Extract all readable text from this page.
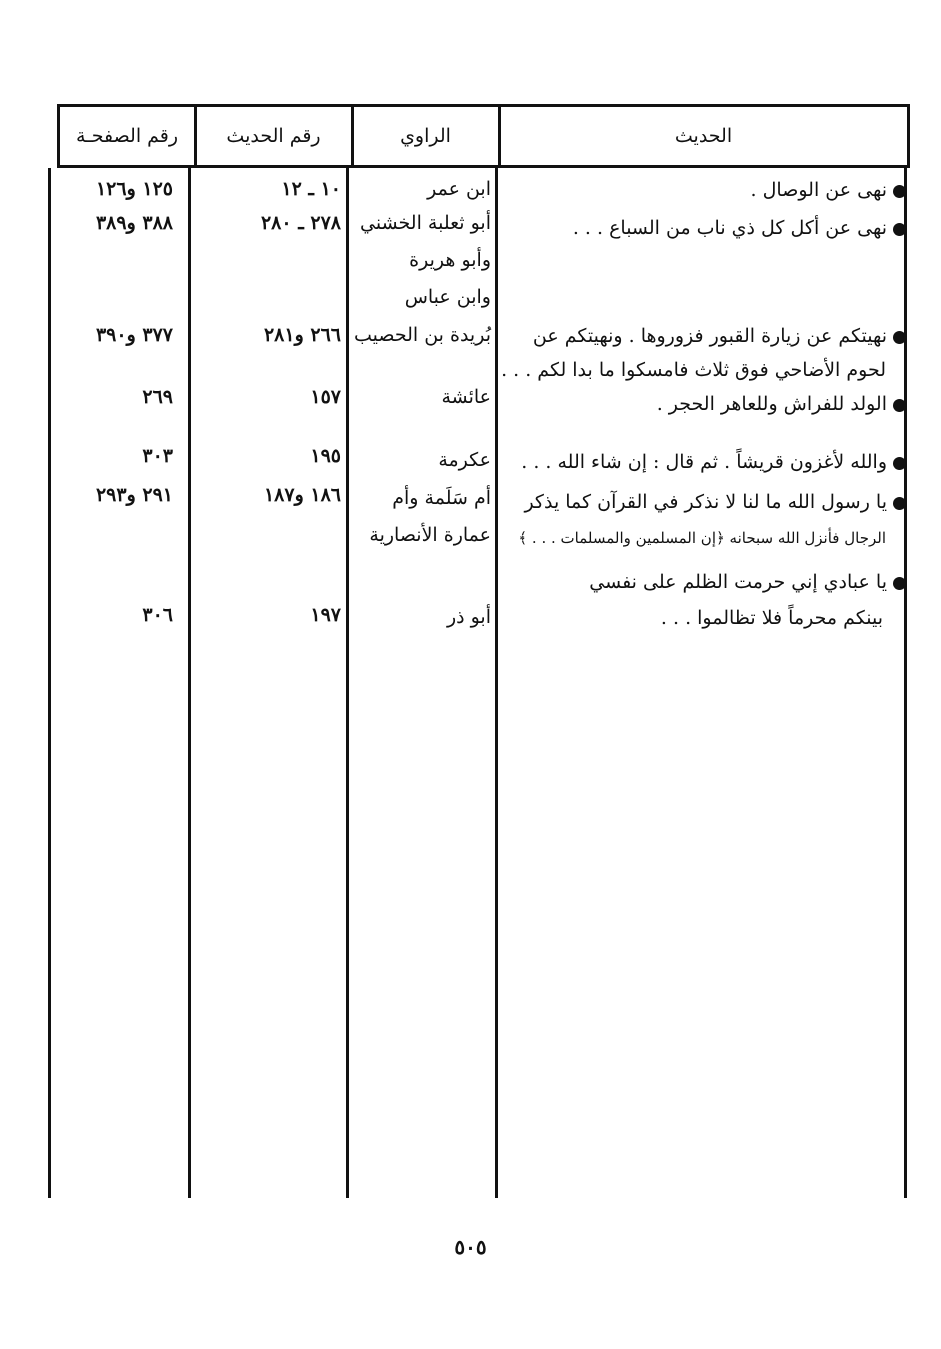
الحديث
الراوي
رقم الحديث
رقم الصفحـة
نهى عن الوصال .
ابن عمر
١٠ ـ ١٢
١٢٥ و١٢٦
نهى عن أكل كل ذي ناب من السباع . . .
أبو ثعلبة الخشني
وأبو هريرة
وابن عباس
٢٧٨ ـ ٢٨٠
٣٨٨ و٣٨٩
نهيتكم عن زيارة القبور فزوروها . ونهيتكم عن
لحوم الأضاحي فوق ثلاث فامسكوا ما بدا لكم . . .
بُريدة بن الحصيب
٢٦٦ و٢٨١
٣٧٧ و٣٩٠
الولد للفراش وللعاهر الحجر .
عائشة
١٥٧
٢٦٩
والله لأغزون قريشاً . ثم قال : إن شاء الله . . .
عكرمة
١٩٥
٣٠٣
يا رسول الله ما لنا لا نذكر في القرآن كما يذكر
الرجال فأنزل الله سبحانه ﴿إن المسلمين والمسلمات . . . ﴾
أم سَلَمة وأم
عمارة الأنصارية
١٨٦ و١٨٧
٢٩١ و٢٩٣
يا عبادي إني حرمت الظلم على نفسي
بينكم محرماً فلا تظالموا . . .
أبو ذر
١٩٧
٣٠٦
٥٠٥
